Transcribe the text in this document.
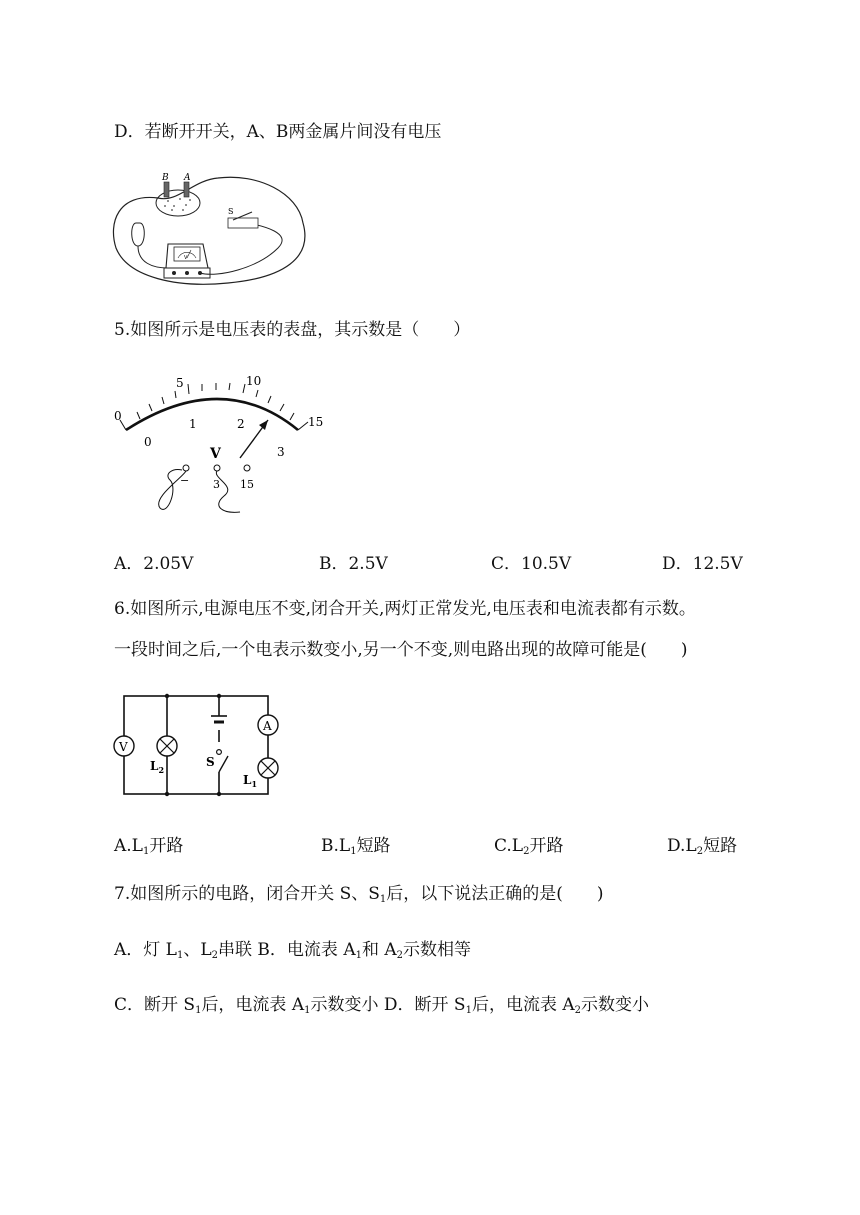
D．若断开开关，A、B两金属片间没有电压
B A
V
S
5.如图所示是电压表的表盘，其示数是（　　）
0
5	10
15
0
1	2
3
V
− 3 15
A．2.05V	B．2.5V	C．10.5V	D．12.5V
6.如图所示,电源电压不变,闭合开关,两灯正常发光,电压表和电流表都有示数。
一段时间之后,一个电表示数变小,另一个不变,则电路出现的故障可能是(　　)
V
$L_2$
S
A
$L_1$
$A.L_1$开路	$B.L_1$短路	$C.L_2$开路	$D.L_2$短路
7.如图所示的电路，闭合开关 S、$S_1$后，以下说法正确的是(　　)
A．灯 $L_1$、$L_2$串联 B．电流表 $A_1$和 $A_2$示数相等
C．断开 $S_1$后，电流表 $A_1$示数变小 D．断开 $S_1$后，电流表 $A_2$示数变小
